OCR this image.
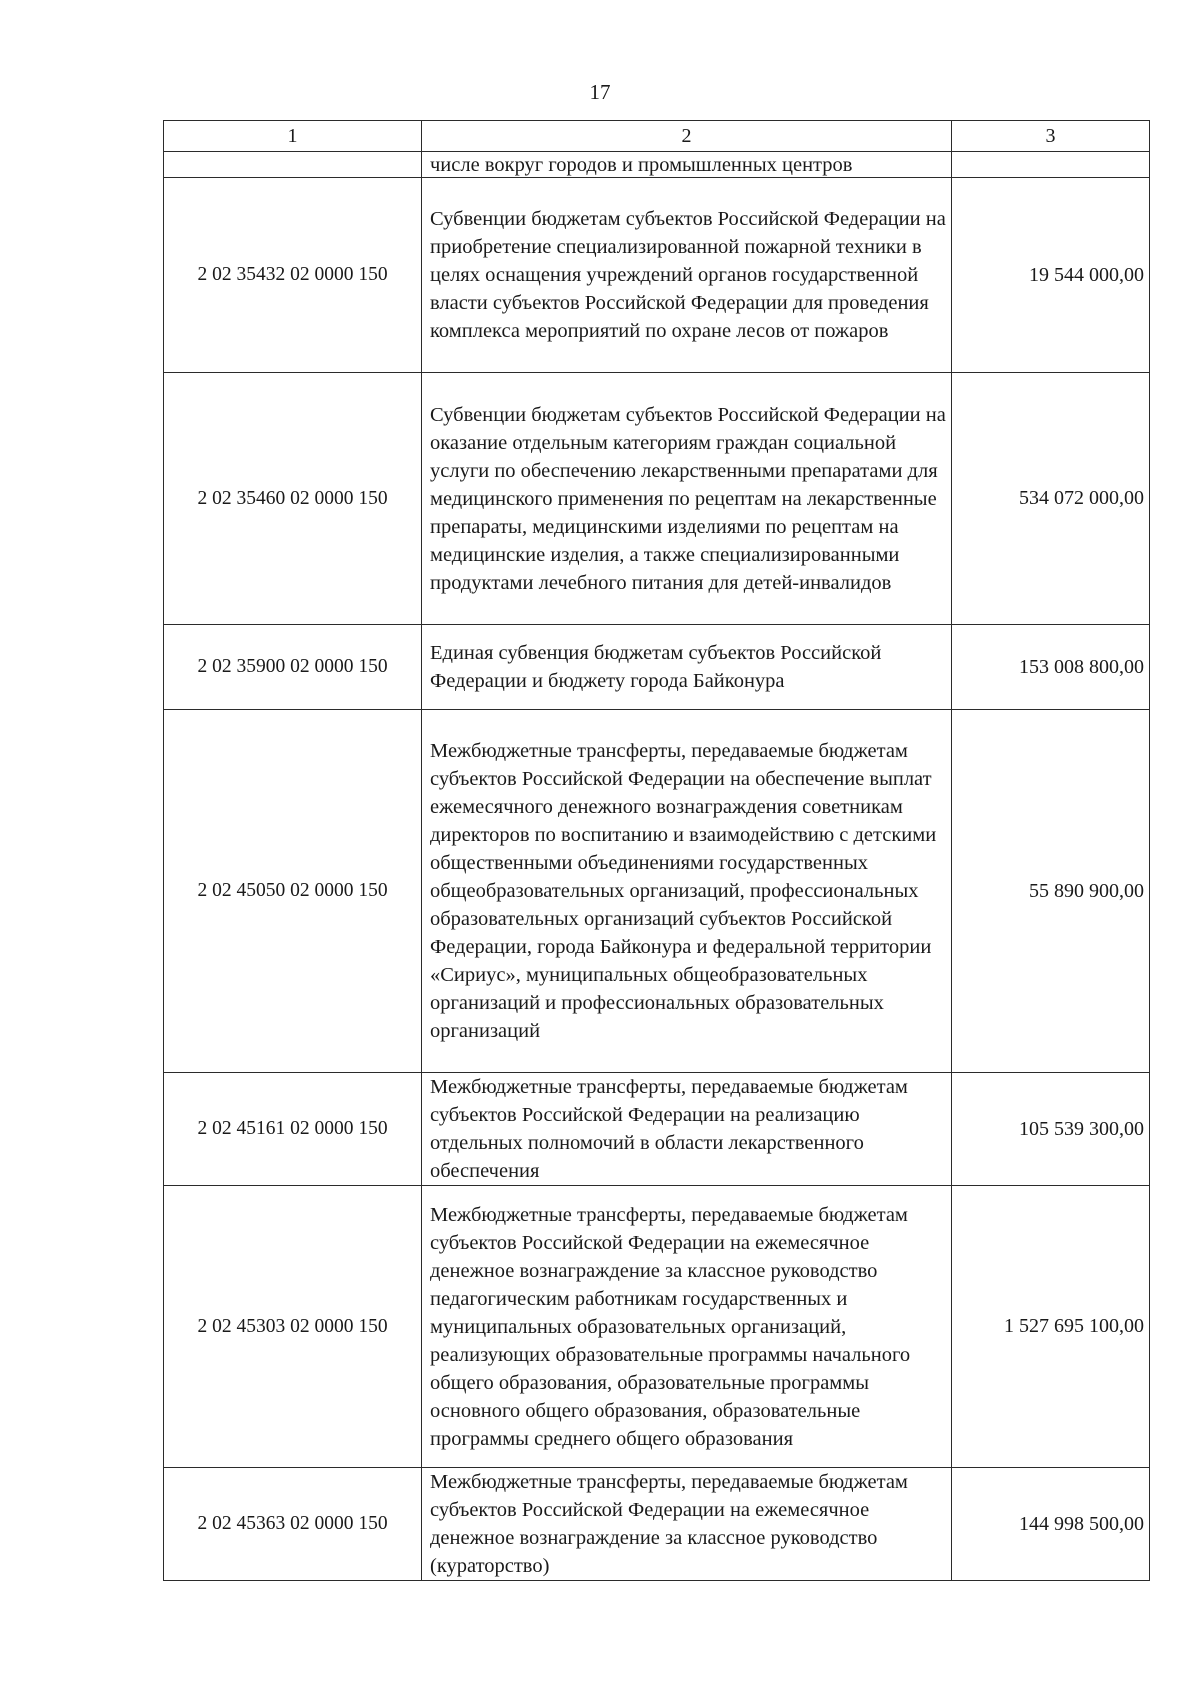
17
1	2	3
	числе вокруг городов и промышленных центров	
2 02 35432 02 0000 150	Субвенции бюджетам субъектов Российской Федерации на приобретение специализированной пожарной техники в целях оснащения учреждений органов государственной власти субъектов Российской Федерации для проведения комплекса мероприятий по охране лесов от пожаров	19 544 000,00
2 02 35460 02 0000 150	Субвенции бюджетам субъектов Российской Федерации на оказание отдельным категориям граждан социальной услуги по обеспечению лекарственными препаратами для медицинского применения по рецептам на лекарственные препараты, медицинскими изделиями по рецептам на медицинские изделия, а также специализированными продуктами лечебного питания для детей-инвалидов	534 072 000,00
2 02 35900 02 0000 150	Единая субвенция бюджетам субъектов Российской Федерации и бюджету города Байконура	153 008 800,00
2 02 45050 02 0000 150	Межбюджетные трансферты, передаваемые бюджетам субъектов Российской Федерации на обеспечение выплат ежемесячного денежного вознаграждения советникам директоров по воспитанию и взаимодействию с детскими общественными объединениями государственных общеобразовательных организаций, профессиональных образовательных организаций субъектов Российской Федерации, города Байконура и федеральной территории «Сириус», муниципальных общеобразовательных организаций и профессиональных образовательных организаций	55 890 900,00
2 02 45161 02 0000 150	Межбюджетные трансферты, передаваемые бюджетам субъектов Российской Федерации на реализацию отдельных полномочий в области лекарственного обеспечения	105 539 300,00
2 02 45303 02 0000 150	Межбюджетные трансферты, передаваемые бюджетам субъектов Российской Федерации на ежемесячное денежное вознаграждение за классное руководство педагогическим работникам государственных и муниципальных образовательных организаций, реализующих образовательные программы начального общего образования, образовательные программы основного общего образования, образовательные программы среднего общего образования	1 527 695 100,00
2 02 45363 02 0000 150	Межбюджетные трансферты, передаваемые бюджетам субъектов Российской Федерации на ежемесячное денежное вознаграждение за классное руководство (кураторство)	144 998 500,00
